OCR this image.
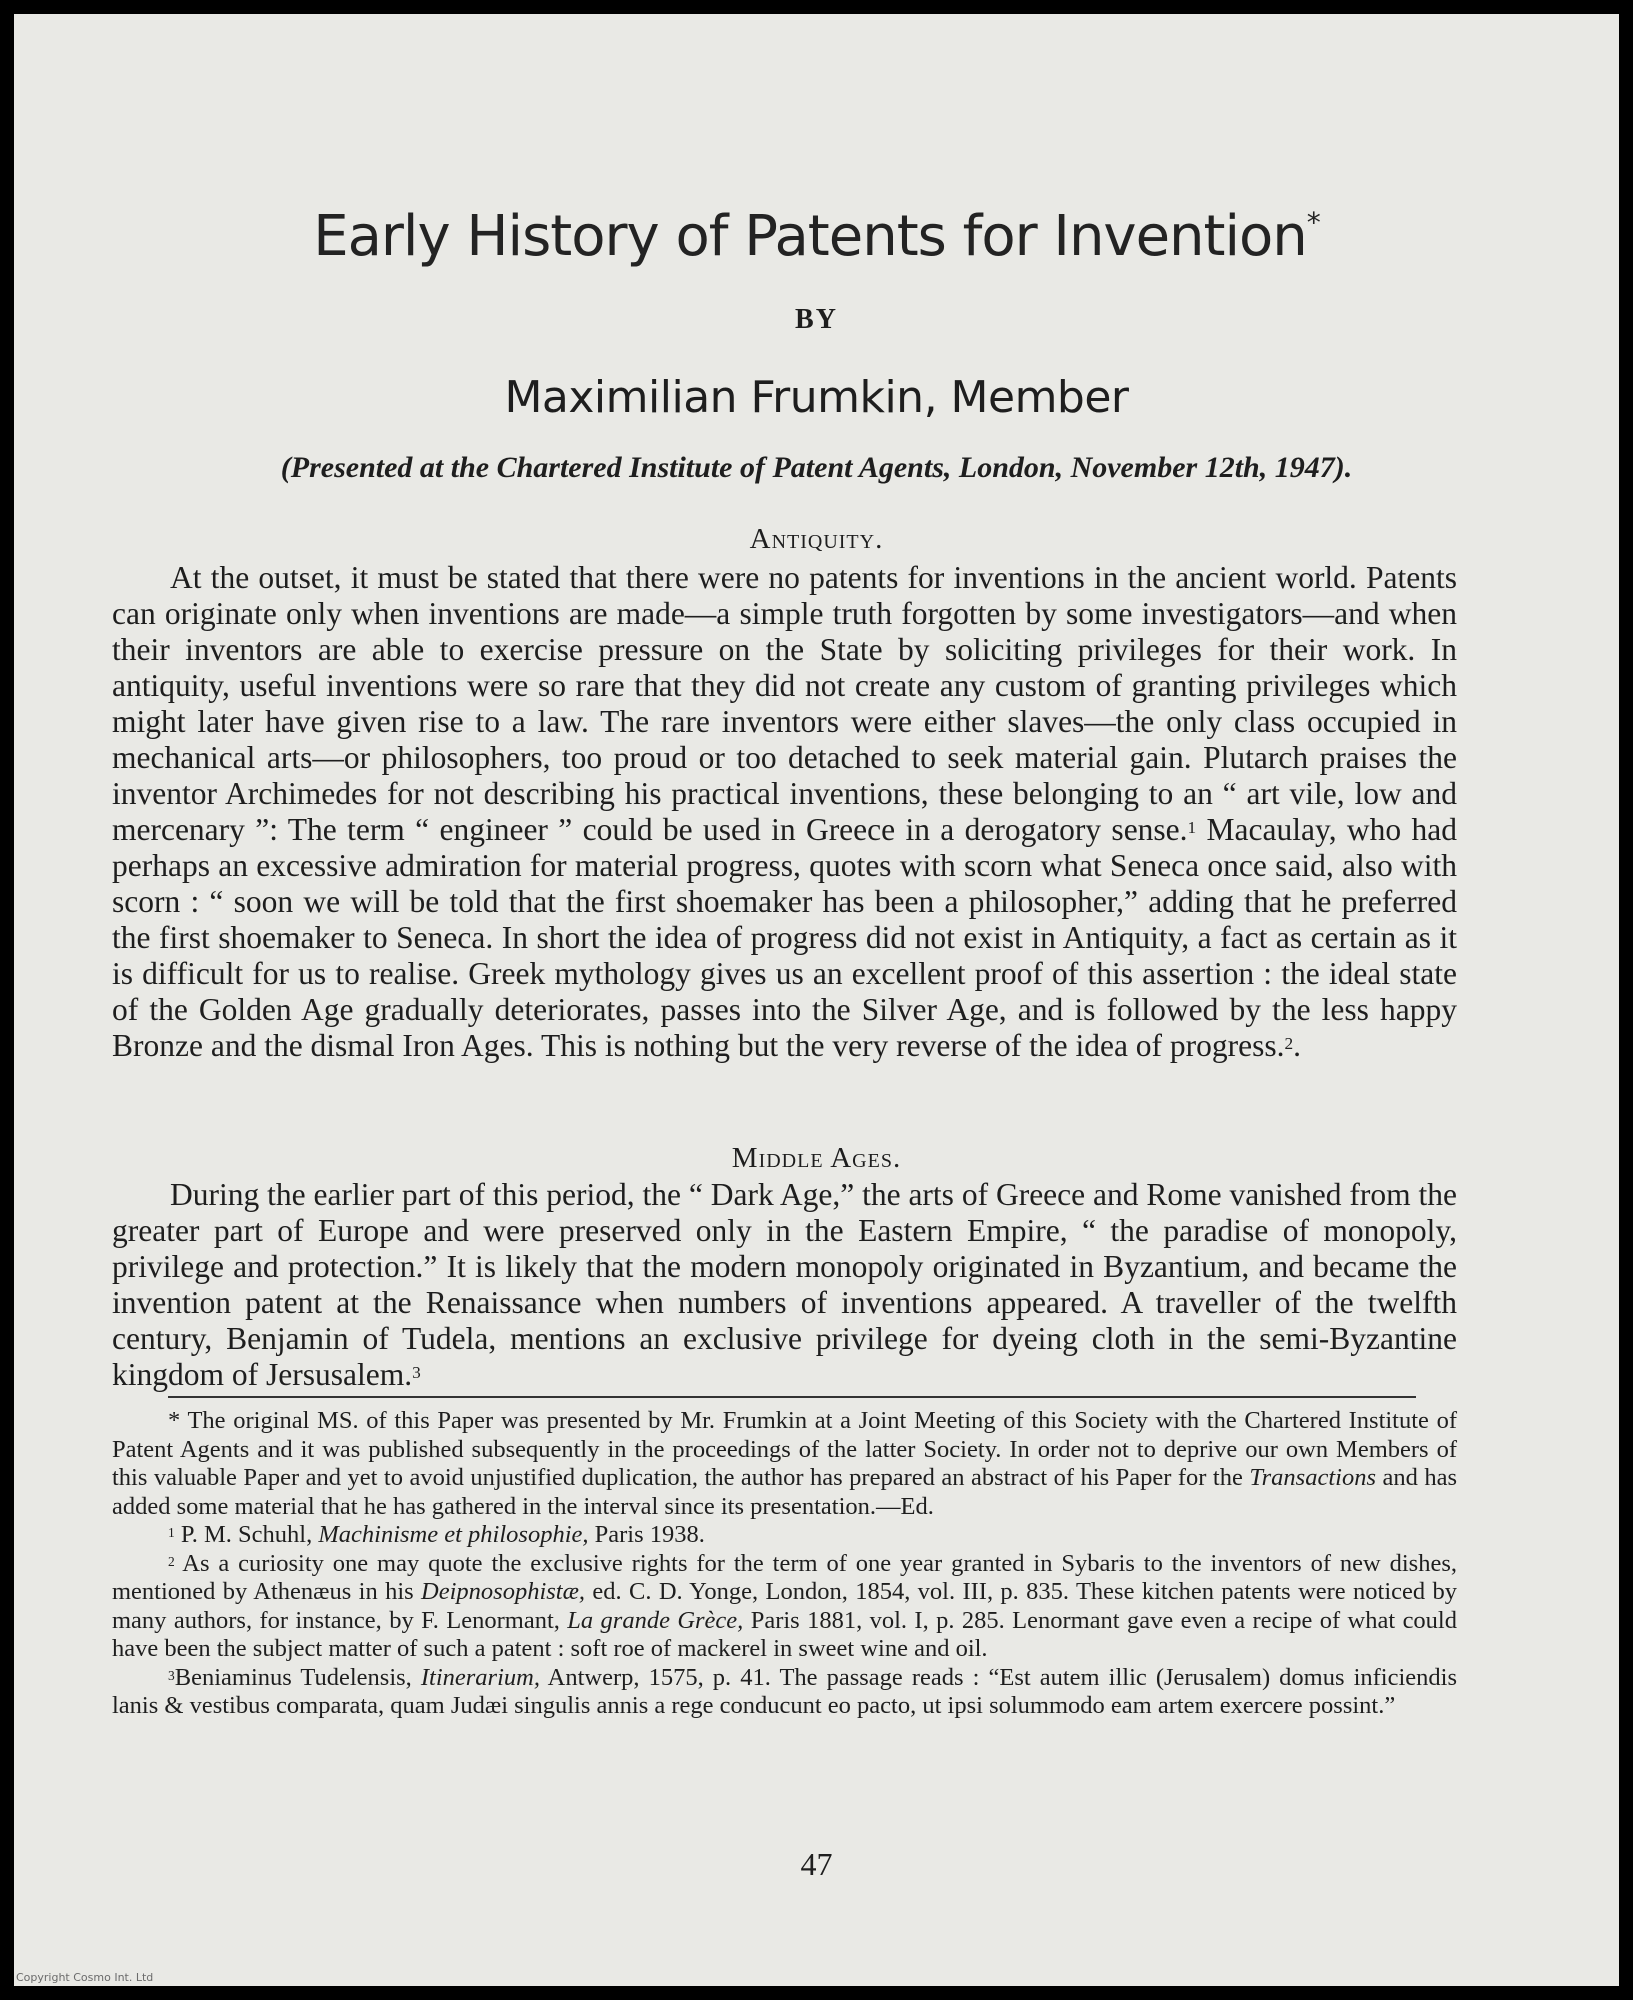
Early History of Patents for Invention*
BY
Maximilian Frumkin, Member
(Presented at the Chartered Institute of Patent Agents, London, November 12th, 1947).
Antiquity.

At the outset, it must be stated that there were no patents for inventions in the ancient world. Patents can originate only when inventions are made—a simple truth forgotten by some investigators—and when their inventors are able to exercise pressure on the State by soliciting privileges for their work. In antiquity, useful inventions were so rare that they did not create any custom of granting privileges which might later have given rise to a law. The rare inventors were either slaves—the only class occupied in mechanical arts—or philosophers, too proud or too detached to seek material gain. Plutarch praises the inventor Archimedes for not describing his practical inventions, these belonging to an “ art vile, low and mercenary ”: The term “ engineer ” could be used in Greece in a derogatory sense.$^1$ Macaulay, who had perhaps an excessive admiration for material progress, quotes with scorn what Seneca once said, also with scorn : “ soon we will be told that the first shoemaker has been a philosopher,” adding that he preferred the first shoemaker to Seneca. In short the idea of progress did not exist in Antiquity, a fact as certain as it is difficult for us to realise. Greek mythology gives us an excellent proof of this assertion : the ideal state of the Golden Age gradually deteriorates, passes into the Silver Age, and is followed by the less happy Bronze and the dismal Iron Ages. This is nothing but the very reverse of the idea of progress.$^2$.

Middle Ages.

During the earlier part of this period, the “ Dark Age,” the arts of Greece and Rome vanished from the greater part of Europe and were preserved only in the Eastern Empire, “ the paradise of monopoly, privilege and protection.” It is likely that the modern monopoly originated in Byzantium, and became the invention patent at the Renaissance when numbers of inventions appeared. A traveller of the twelfth century, Benjamin of Tudela, mentions an exclusive privilege for dyeing cloth in the semi-Byzantine kingdom of Jersusalem.$^3$

* The original MS. of this Paper was presented by Mr. Frumkin at a Joint Meeting of this Society with the Chartered Institute of Patent Agents and it was published subsequently in the proceedings of the latter Society. In order not to deprive our own Members of this valuable Paper and yet to avoid unjustified duplication, the author has prepared an abstract of his Paper for the Transactions and has added some material that he has gathered in the interval since its presentation.—Ed.

$^1$ P. M. Schuhl, Machinisme et philosophie, Paris 1938.

$^2$ As a curiosity one may quote the exclusive rights for the term of one year granted in Sybaris to the inventors of new dishes, mentioned by Athenæus in his Deipnosophistæ, ed. C. D. Yonge, London, 1854, vol. III, p. 835. These kitchen patents were noticed by many authors, for instance, by F. Lenormant, La grande Grèce, Paris 1881, vol. I, p. 285. Lenormant gave even a recipe of what could have been the subject matter of such a patent : soft roe of mackerel in sweet wine and oil.

$^3$Beniaminus Tudelensis, Itinerarium, Antwerp, 1575, p. 41. The passage reads : “Est autem illic (Jerusalem) domus inficiendis lanis & vestibus comparata, quam Judæi singulis annis a rege conducunt eo pacto, ut ipsi solummodo eam artem exercere possint.”

47
Copyright Cosmo Int. Ltd
